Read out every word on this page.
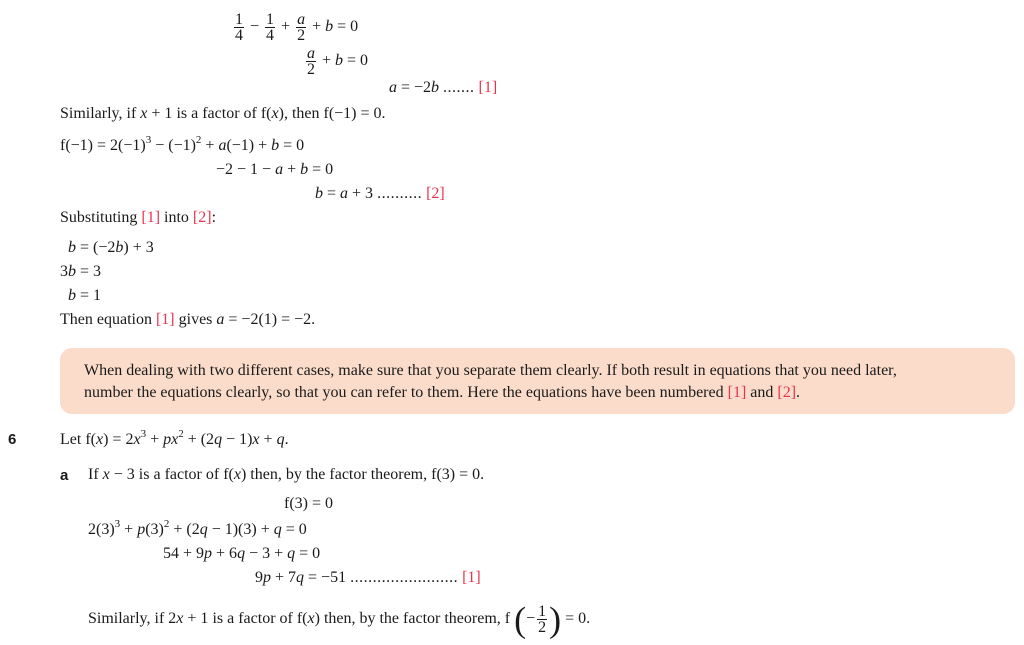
$\frac{1}{4} - \frac{1}{4} + \frac{a}{2} + b = 0$
$\frac{a}{2} + b = 0$
a = −2b ....... [1]
Similarly, if x + 1 is a factor of f(x), then f(−1) = 0.
$f(-1) = 2(-1)^3 - (-1)^2 + a(-1) + b = 0$
−2 − 1 − a + b = 0
b = a + 3 .......... [2]
Substituting [1] into [2]:
b = (−2b) + 3
3b = 3
b = 1
Then equation [1] gives a = −2(1) = −2.

When dealing with two different cases, make sure that you separate them clearly. If both result in equations that you need later,
number the equations clearly, so that you can refer to them. Here the equations have been numbered [1] and [2].

6	Let $f(x) = 2x^3 + px^2 + (2q - 1)x + q$.
a If x − 3 is a factor of f(x) then, by the factor theorem, f(3) = 0.
f(3) = 0
$2(3)^3 + p(3)^2 + (2q - 1)(3) + q = 0$
54 + 9p + 6q − 3 + q = 0
9p + 7q = −51 ........................ [1]
Similarly, if 2x + 1 is a factor of f(x) then, by the factor theorem, f (− $\frac{1}{2}$ ) = 0.
